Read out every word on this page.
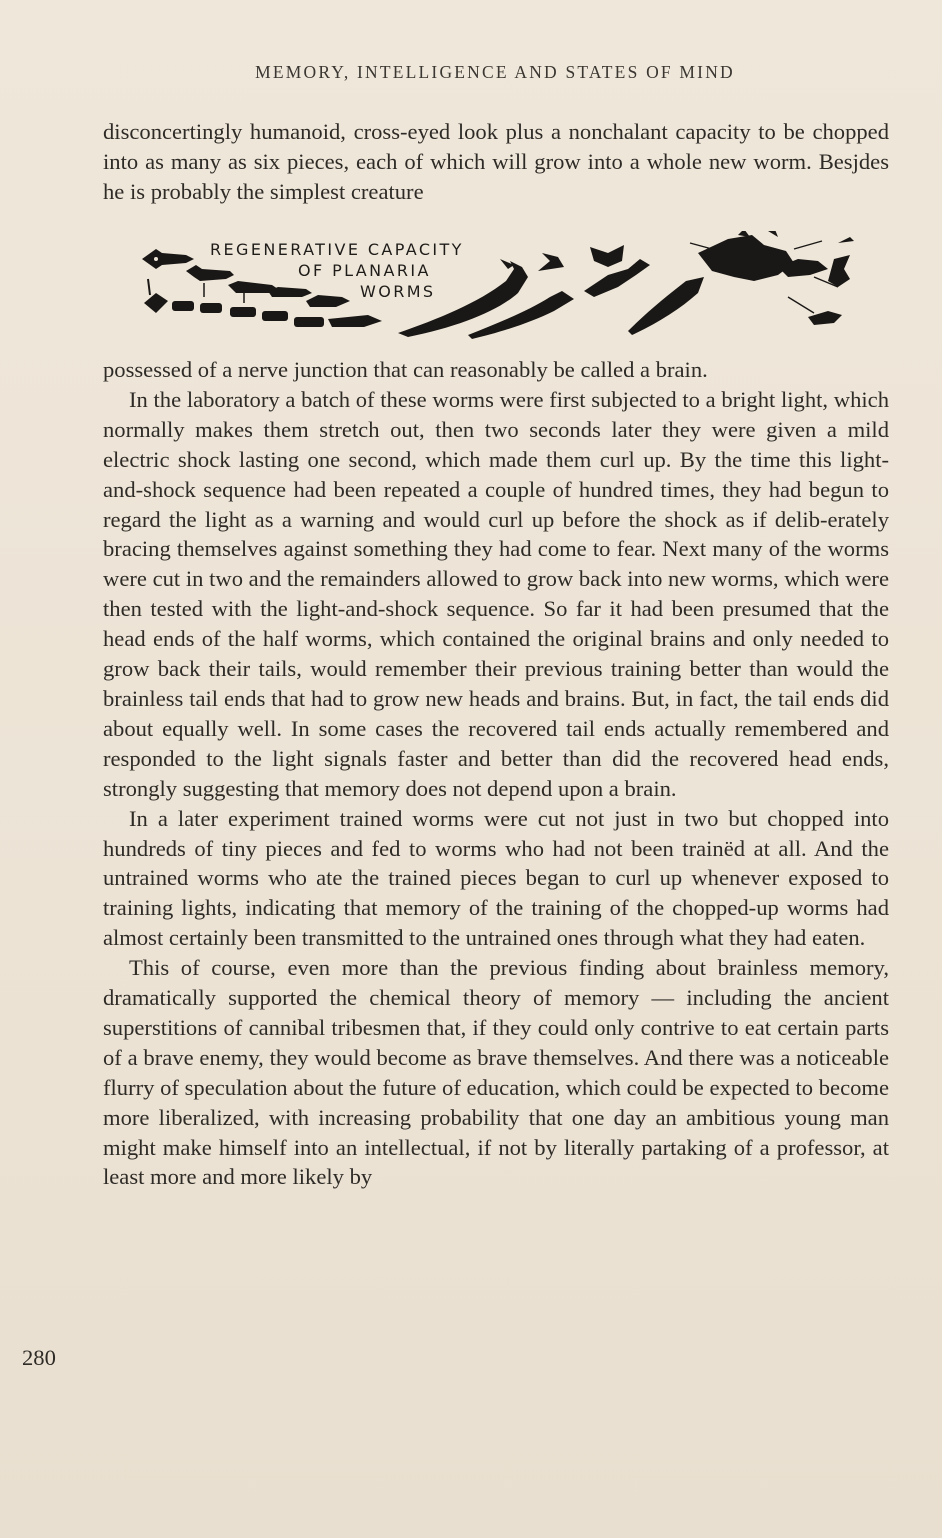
MEMORY, INTELLIGENCE AND STATES OF MIND

disconcertingly humanoid, cross-eyed look plus a nonchalant capacity to be chopped into as many as six pieces, each of which will grow into a whole new worm. Besjdes he is probably the simplest creature

REGENERATIVE CAPACITY
OF PLANARIA
WORMS

possessed of a nerve junction that can reasonably be called a brain.

In the laboratory a batch of these worms were first subjected to a bright light, which normally makes them stretch out, then two seconds later they were given a mild electric shock lasting one second, which made them curl up. By the time this light-and-shock sequence had been repeated a couple of hundred times, they had begun to regard the light as a warning and would curl up before the shock as if delib-erately bracing themselves against something they had come to fear. Next many of the worms were cut in two and the remainders allowed to grow back into new worms, which were then tested with the light-and-shock sequence. So far it had been presumed that the head ends of the half worms, which contained the original brains and only needed to grow back their tails, would remember their previous training better than would the brainless tail ends that had to grow new heads and brains. But, in fact, the tail ends did about equally well. In some cases the recovered tail ends actually remembered and responded to the light signals faster and better than did the recovered head ends, strongly suggesting that memory does not depend upon a brain.

In a later experiment trained worms were cut not just in two but chopped into hundreds of tiny pieces and fed to worms who had not been trainëd at all. And the untrained worms who ate the trained pieces began to curl up whenever exposed to training lights, indicating that memory of the training of the chopped-up worms had almost certainly been transmitted to the untrained ones through what they had eaten.

This of course, even more than the previous finding about brainless memory, dramatically supported the chemical theory of memory — including the ancient superstitions of cannibal tribesmen that, if they could only contrive to eat certain parts of a brave enemy, they would become as brave themselves. And there was a noticeable flurry of speculation about the future of education, which could be expected to become more liberalized, with increasing probability that one day an ambitious young man might make himself into an intellectual, if not by literally partaking of a professor, at least more and more likely by

280
